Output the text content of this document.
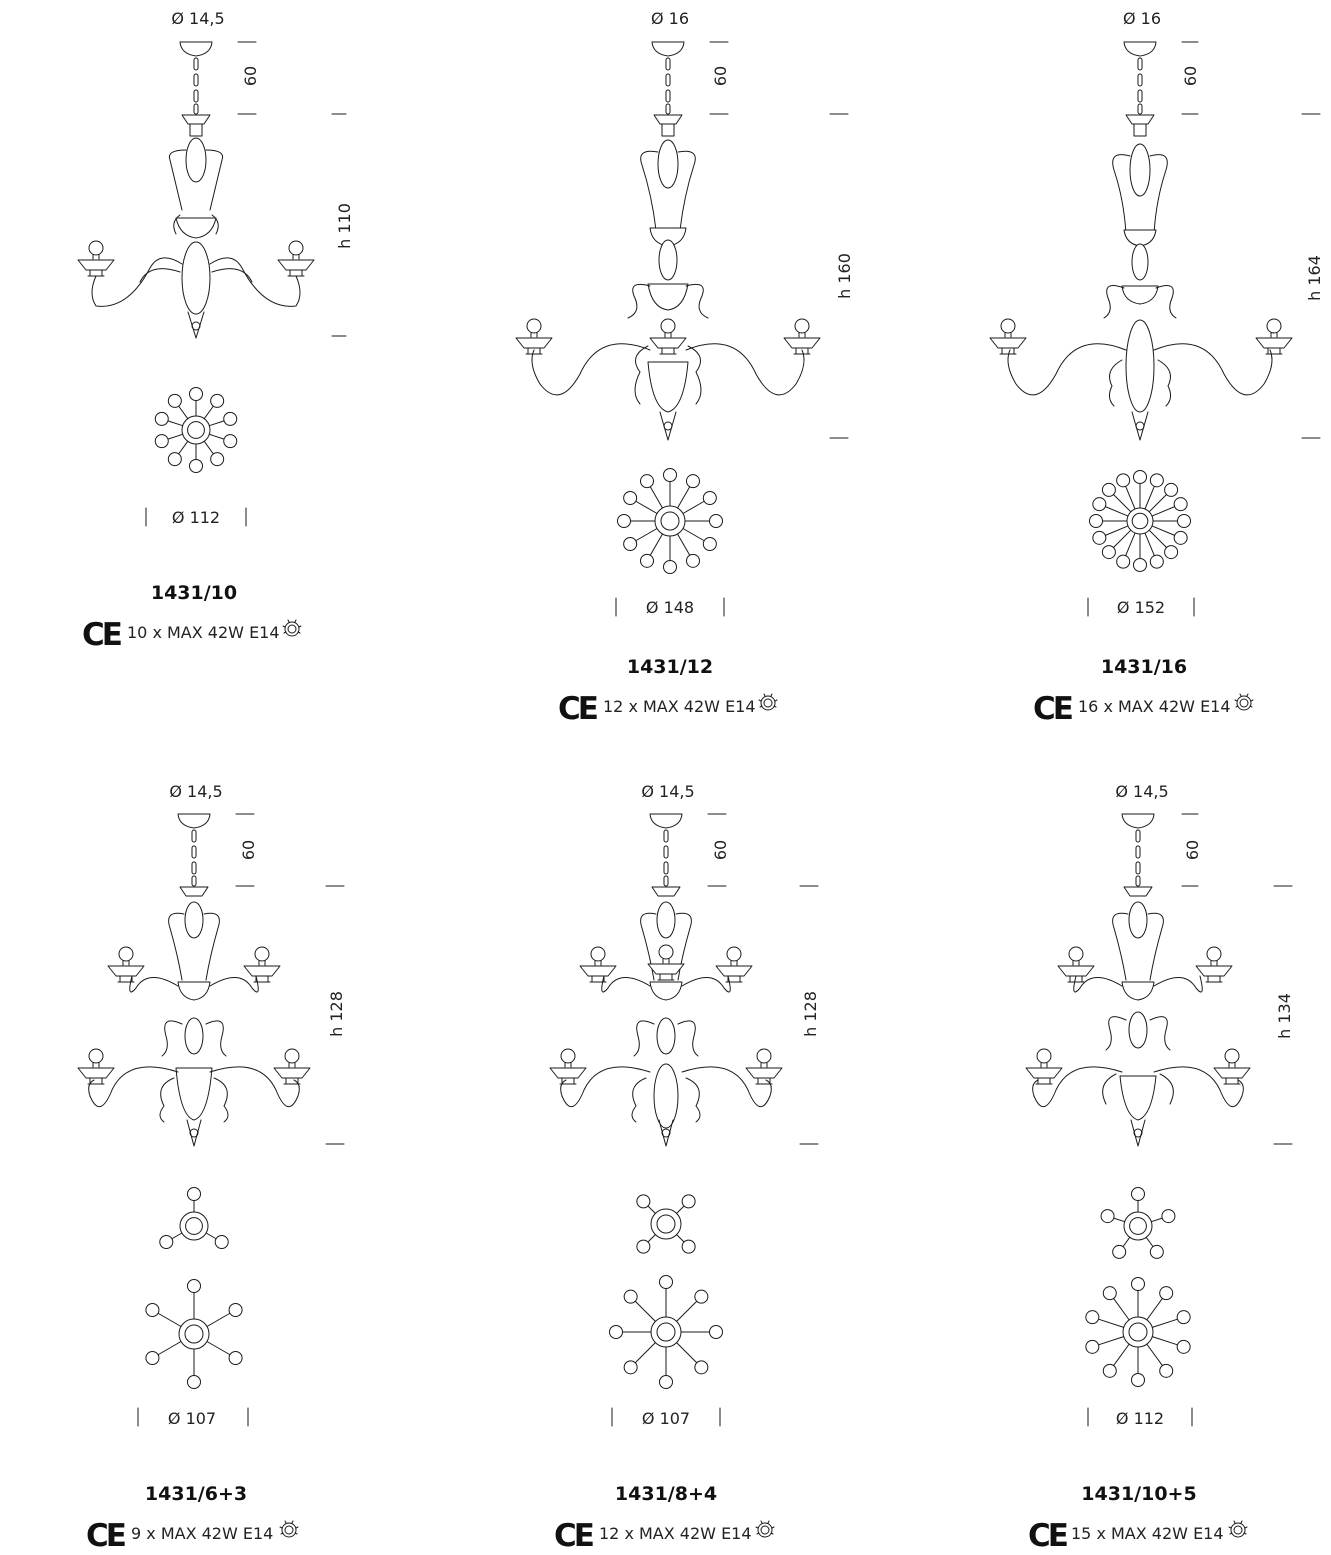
Ø 14,5
60
h 110
Ø 112
1431/10
CE 10 x MAX 42W E14
Ø 16
60
h 160
Ø 148
1431/12
CE 12 x MAX 42W E14
Ø 16
60
h 164
Ø 152
1431/16
CE 16 x MAX 42W E14
Ø 14,5
60
h 128
Ø 107
1431/6+3
CE 9 x MAX 42W E14
Ø 14,5
60
h 128
Ø 107
1431/8+4
CE 12 x MAX 42W E14
Ø 14,5
60
h 134
Ø 112
1431/10+5
CE 15 x MAX 42W E14
